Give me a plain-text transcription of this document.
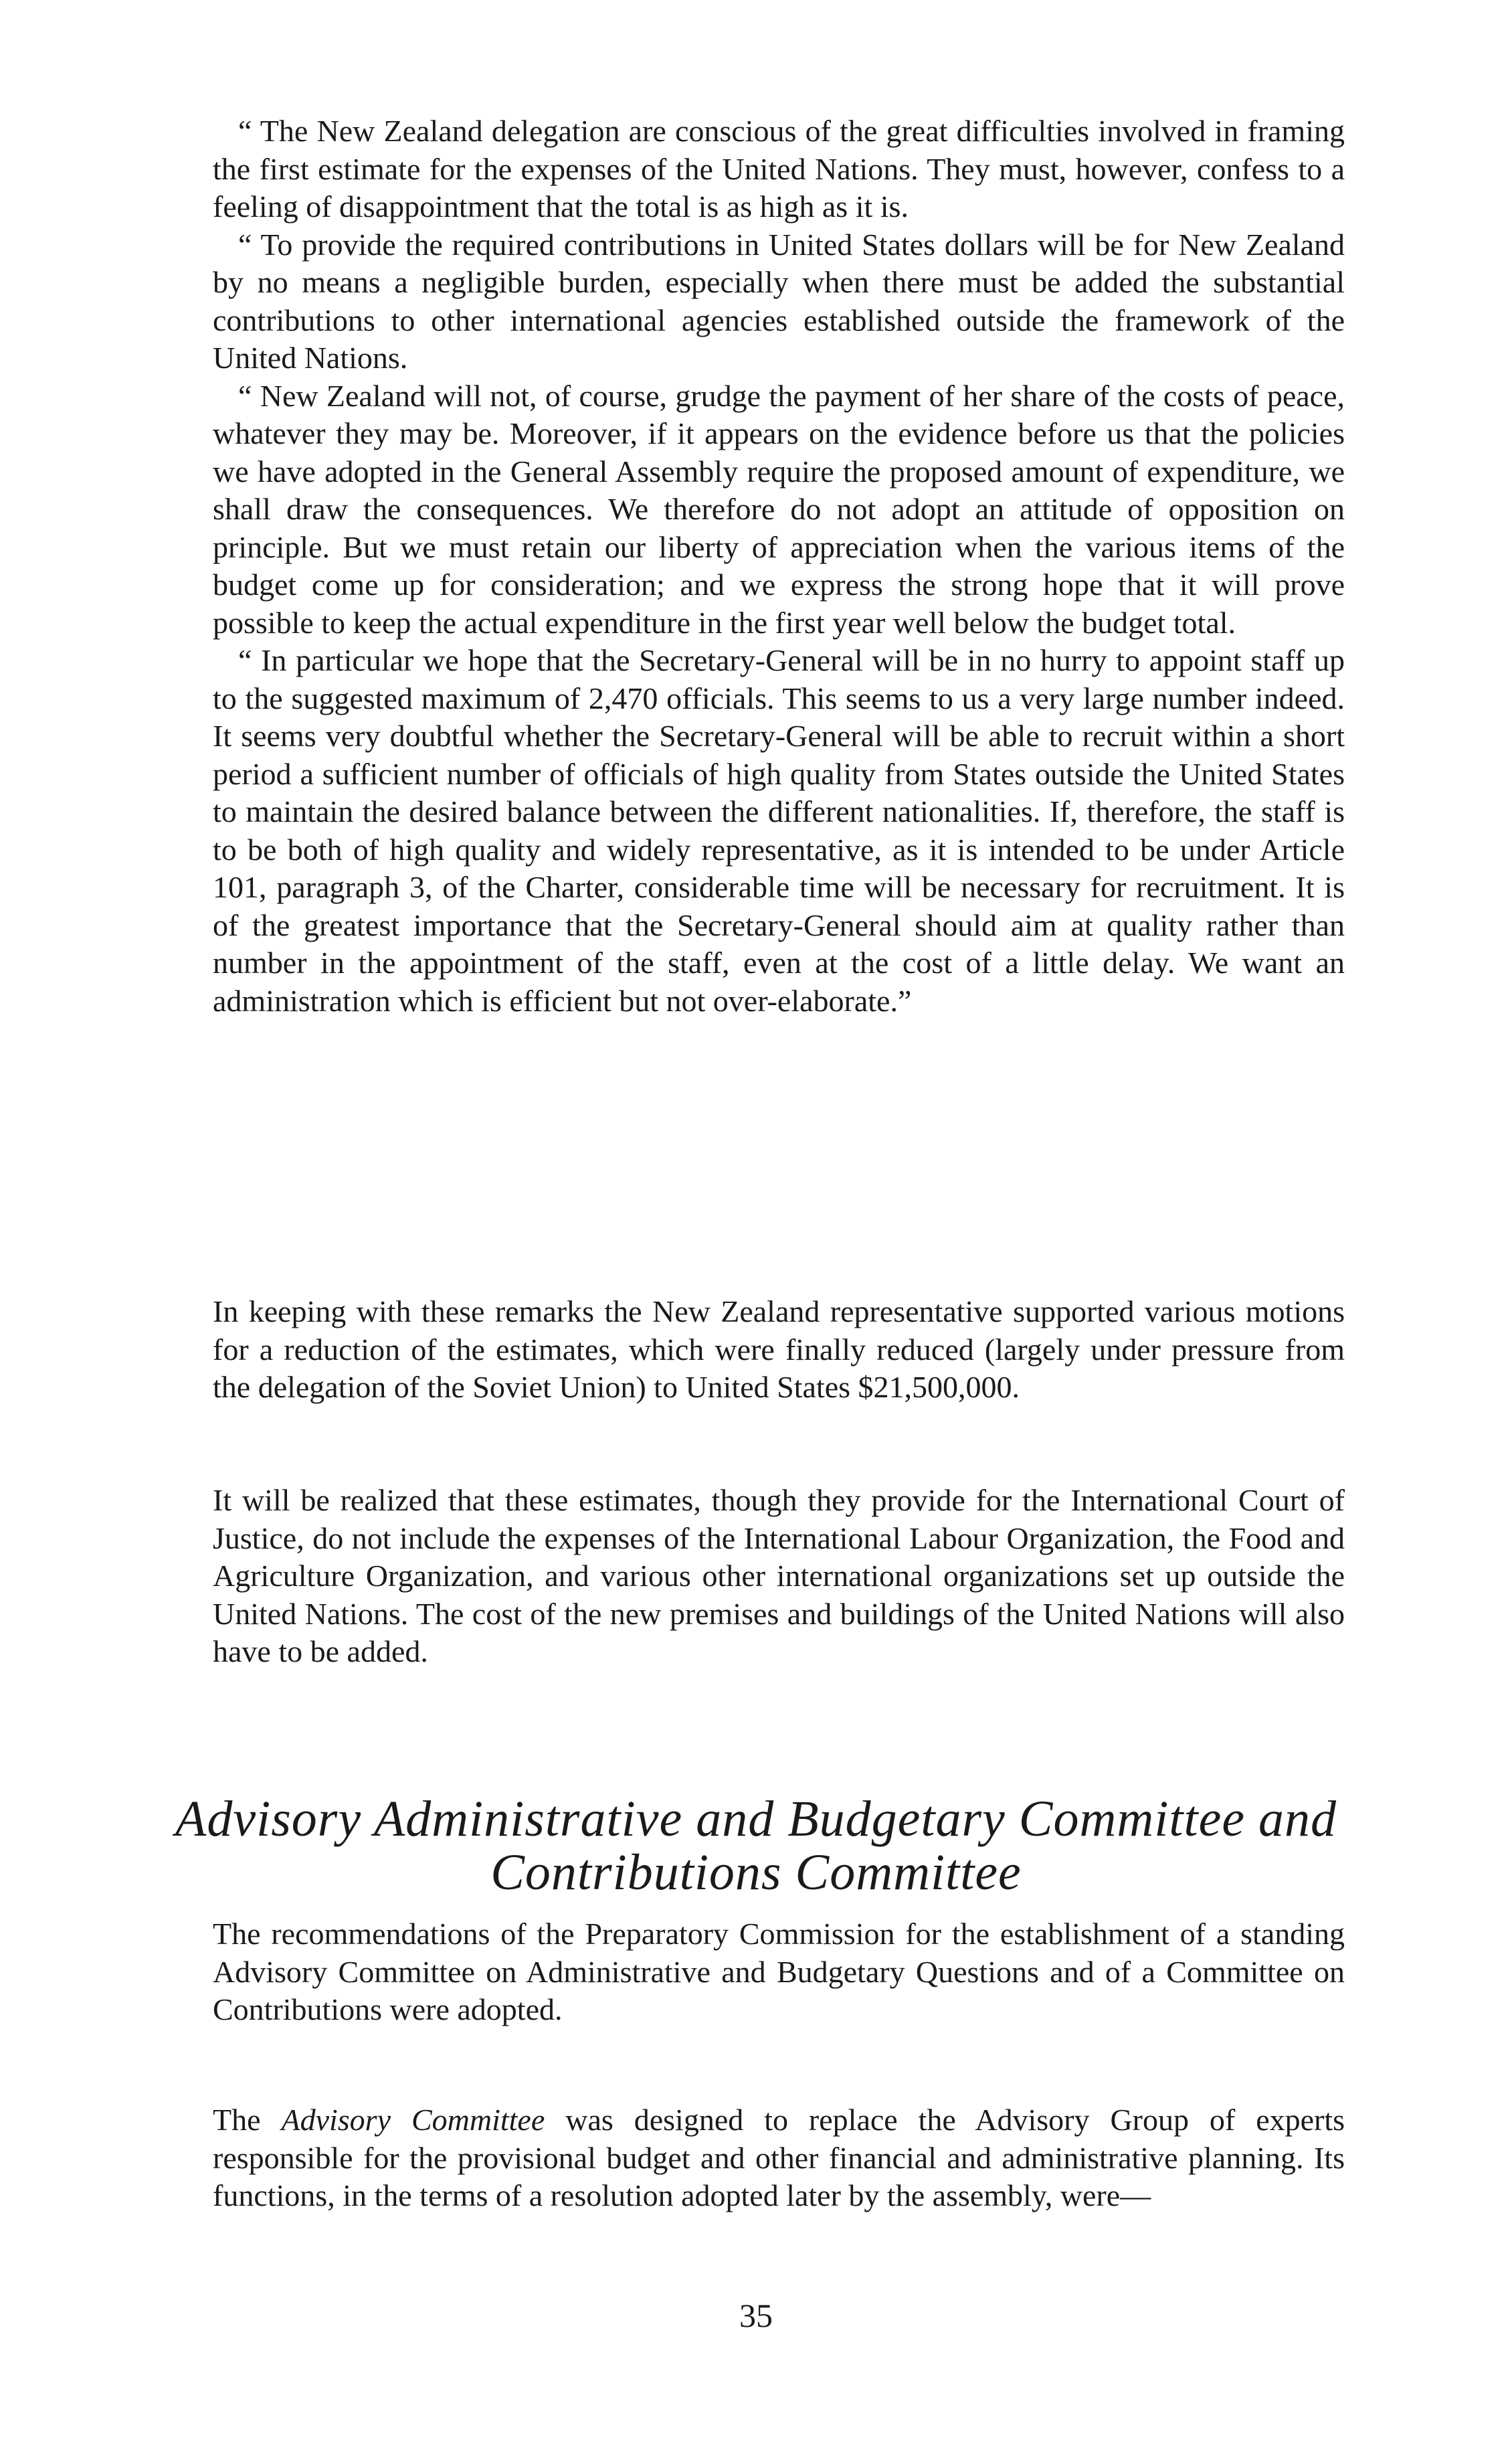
“ The New Zealand delegation are conscious of the great difficulties involved in framing the first estimate for the expenses of the United Nations. They must, however, confess to a feeling of disappointment that the total is as high as it is.

“ To provide the required contributions in United States dollars will be for New Zealand by no means a negligible burden, especially when there must be added the substantial contributions to other international agencies established outside the framework of the United Nations.

“ New Zealand will not, of course, grudge the payment of her share of the costs of peace, whatever they may be. Moreover, if it appears on the evidence before us that the policies we have adopted in the General Assembly require the proposed amount of expenditure, we shall draw the consequences. We therefore do not adopt an attitude of opposition on principle. But we must retain our liberty of appreciation when the various items of the budget come up for consideration; and we express the strong hope that it will prove possible to keep the actual expenditure in the first year well below the budget total.

“ In particular we hope that the Secretary-General will be in no hurry to appoint staff up to the suggested maximum of 2,470 officials. This seems to us a very large number indeed. It seems very doubtful whether the Secretary-General will be able to recruit within a short period a sufficient number of officials of high quality from States outside the United States to maintain the desired balance between the different nationalities. If, therefore, the staff is to be both of high quality and widely representative, as it is intended to be under Article 101, paragraph 3, of the Charter, considerable time will be necessary for recruitment. It is of the greatest importance that the Secretary-General should aim at quality rather than number in the appointment of the staff, even at the cost of a little delay. We want an administration which is efficient but not over-elaborate.”

In keeping with these remarks the New Zealand representative supported various motions for a reduction of the estimates, which were finally reduced (largely under pressure from the delegation of the Soviet Union) to United States $21,500,000.

It will be realized that these estimates, though they provide for the International Court of Justice, do not include the expenses of the International Labour Organization, the Food and Agriculture Organization, and various other international organizations set up outside the United Nations. The cost of the new premises and buildings of the United Nations will also have to be added.

Advisory Administrative and Budgetary Committee and
Contributions Committee

The recommendations of the Preparatory Commission for the establishment of a standing Advisory Committee on Administrative and Budgetary Questions and of a Committee on Contributions were adopted.

The Advisory Committee was designed to replace the Advisory Group of experts responsible for the provisional budget and other financial and administrative planning. Its functions, in the terms of a resolution adopted later by the assembly, were—

35
